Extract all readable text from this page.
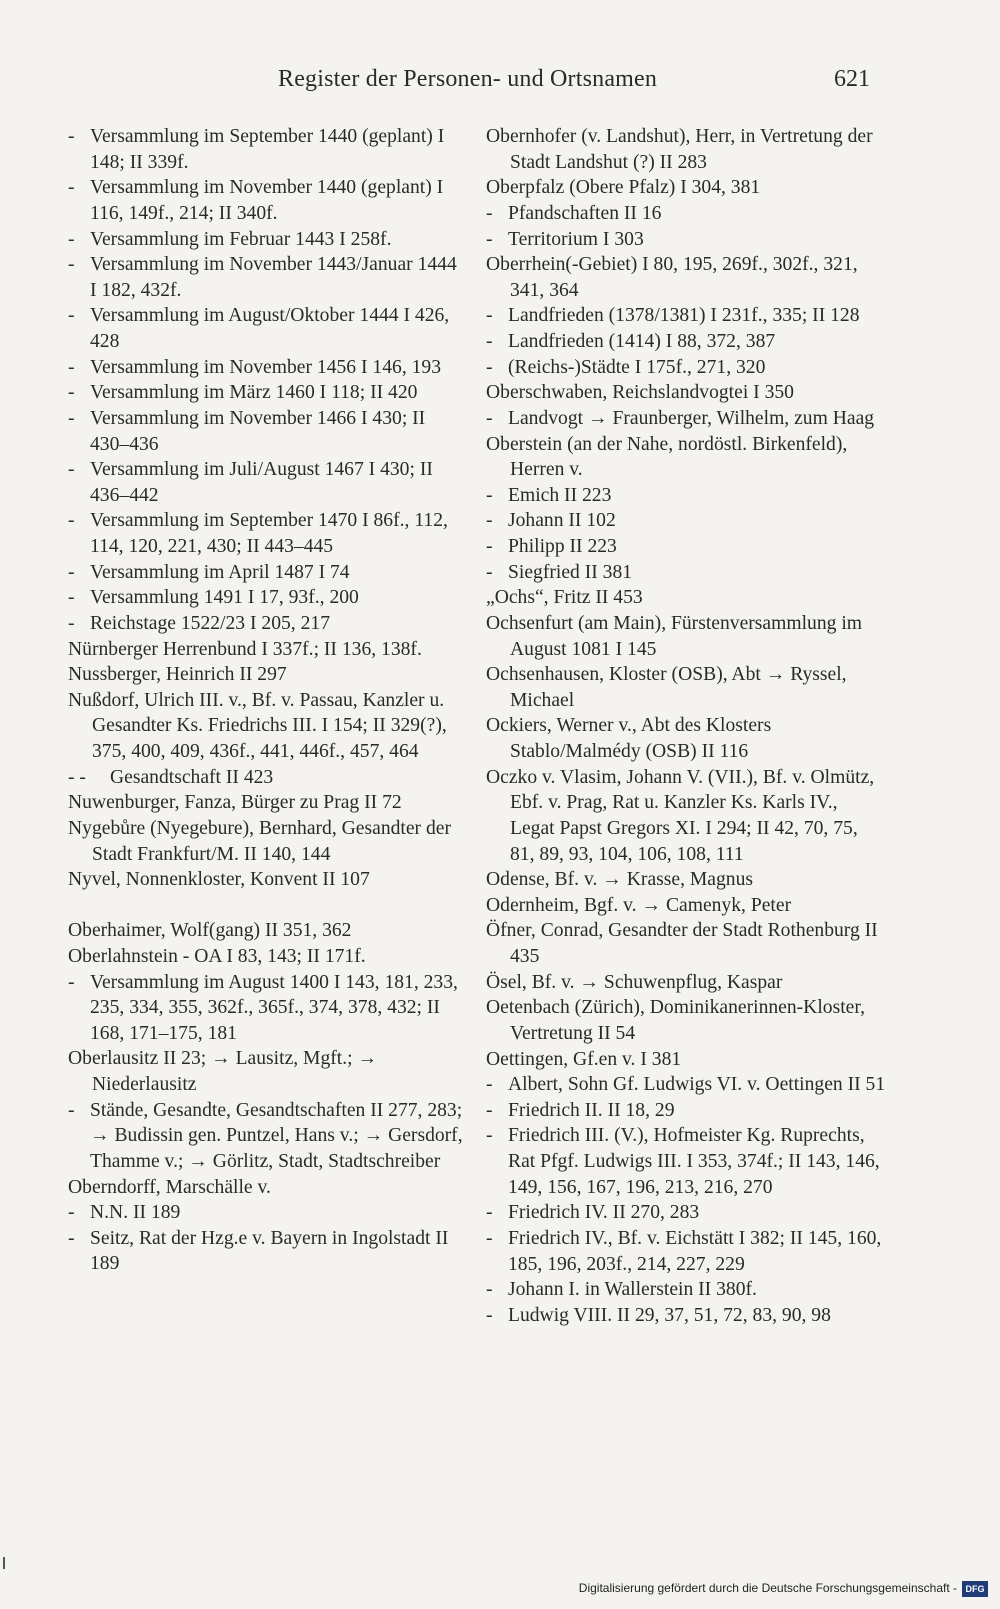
Register der Personen- und Ortsnamen	621
- Versammlung im September 1440 (geplant) I 148; II 339f.
- Versammlung im November 1440 (geplant) I 116, 149f., 214; II 340f.
- Versammlung im Februar 1443 I 258f.
- Versammlung im November 1443/Januar 1444 I 182, 432f.
- Versammlung im August/Oktober 1444 I 426, 428
- Versammlung im November 1456 I 146, 193
- Versammlung im März 1460 I 118; II 420
- Versammlung im November 1466 I 430; II 430–436
- Versammlung im Juli/August 1467 I 430; II 436–442
- Versammlung im September 1470 I 86f., 112, 114, 120, 221, 430; II 443–445
- Versammlung im April 1487 I 74
- Versammlung 1491 I 17, 93f., 200
- Reichstage 1522/23 I 205, 217
Nürnberger Herrenbund I 337f.; II 136, 138f.
Nussberger, Heinrich II 297
Nußdorf, Ulrich III. v., Bf. v. Passau, Kanzler u. Gesandter Ks. Friedrichs III. I 154; II 329(?), 375, 400, 409, 436f., 441, 446f., 457, 464
- - Gesandtschaft II 423
Nuwenburger, Fanza, Bürger zu Prag II 72
Nygebůre (Nyegebure), Bernhard, Gesandter der Stadt Frankfurt/M. II 140, 144
Nyvel, Nonnenkloster, Konvent II 107
Oberhaimer, Wolf(gang) II 351, 362
Oberlahnstein - OA I 83, 143; II 171f.
- Versammlung im August 1400 I 143, 181, 233, 235, 334, 355, 362f., 365f., 374, 378, 432; II 168, 171–175, 181
Oberlausitz II 23; → Lausitz, Mgft.; → Niederlausitz
- Stände, Gesandte, Gesandtschaften II 277, 283; → Budissin gen. Puntzel, Hans v.; → Gersdorf, Thamme v.; → Görlitz, Stadt, Stadtschreiber
Oberndorff, Marschälle v.
- N.N. II 189
- Seitz, Rat der Hzg.e v. Bayern in Ingolstadt II 189
Obernhofer (v. Landshut), Herr, in Vertretung der Stadt Landshut (?) II 283
Oberpfalz (Obere Pfalz) I 304, 381
- Pfandschaften II 16
- Territorium I 303
Oberrhein(-Gebiet) I 80, 195, 269f., 302f., 321, 341, 364
- Landfrieden (1378/1381) I 231f., 335; II 128
- Landfrieden (1414) I 88, 372, 387
- (Reichs-)Städte I 175f., 271, 320
Oberschwaben, Reichslandvogtei I 350
- Landvogt → Fraunberger, Wilhelm, zum Haag
Oberstein (an der Nahe, nordöstl. Birkenfeld), Herren v.
- Emich II 223
- Johann II 102
- Philipp II 223
- Siegfried II 381
„Ochs“, Fritz II 453
Ochsenfurt (am Main), Fürstenversammlung im August 1081 I 145
Ochsenhausen, Kloster (OSB), Abt → Ryssel, Michael
Ockiers, Werner v., Abt des Klosters Stablo/Malmédy (OSB) II 116
Oczko v. Vlasim, Johann V. (VII.), Bf. v. Olmütz, Ebf. v. Prag, Rat u. Kanzler Ks. Karls IV., Legat Papst Gregors XI. I 294; II 42, 70, 75, 81, 89, 93, 104, 106, 108, 111
Odense, Bf. v. → Krasse, Magnus
Odernheim, Bgf. v. → Camenyk, Peter
Öfner, Conrad, Gesandter der Stadt Rothenburg II 435
Ösel, Bf. v. → Schuwenpflug, Kaspar
Oetenbach (Zürich), Dominikanerinnen-Kloster, Vertretung II 54
Oettingen, Gf.en v. I 381
- Albert, Sohn Gf. Ludwigs VI. v. Oettingen II 51
- Friedrich II. II 18, 29
- Friedrich III. (V.), Hofmeister Kg. Ruprechts, Rat Pfgf. Ludwigs III. I 353, 374f.; II 143, 146, 149, 156, 167, 196, 213, 216, 270
- Friedrich IV. II 270, 283
- Friedrich IV., Bf. v. Eichstätt I 382; II 145, 160, 185, 196, 203f., 214, 227, 229
- Johann I. in Wallerstein II 380f.
- Ludwig VIII. II 29, 37, 51, 72, 83, 90, 98
Digitalisierung gefördert durch die Deutsche Forschungsgemeinschaft - DFG
